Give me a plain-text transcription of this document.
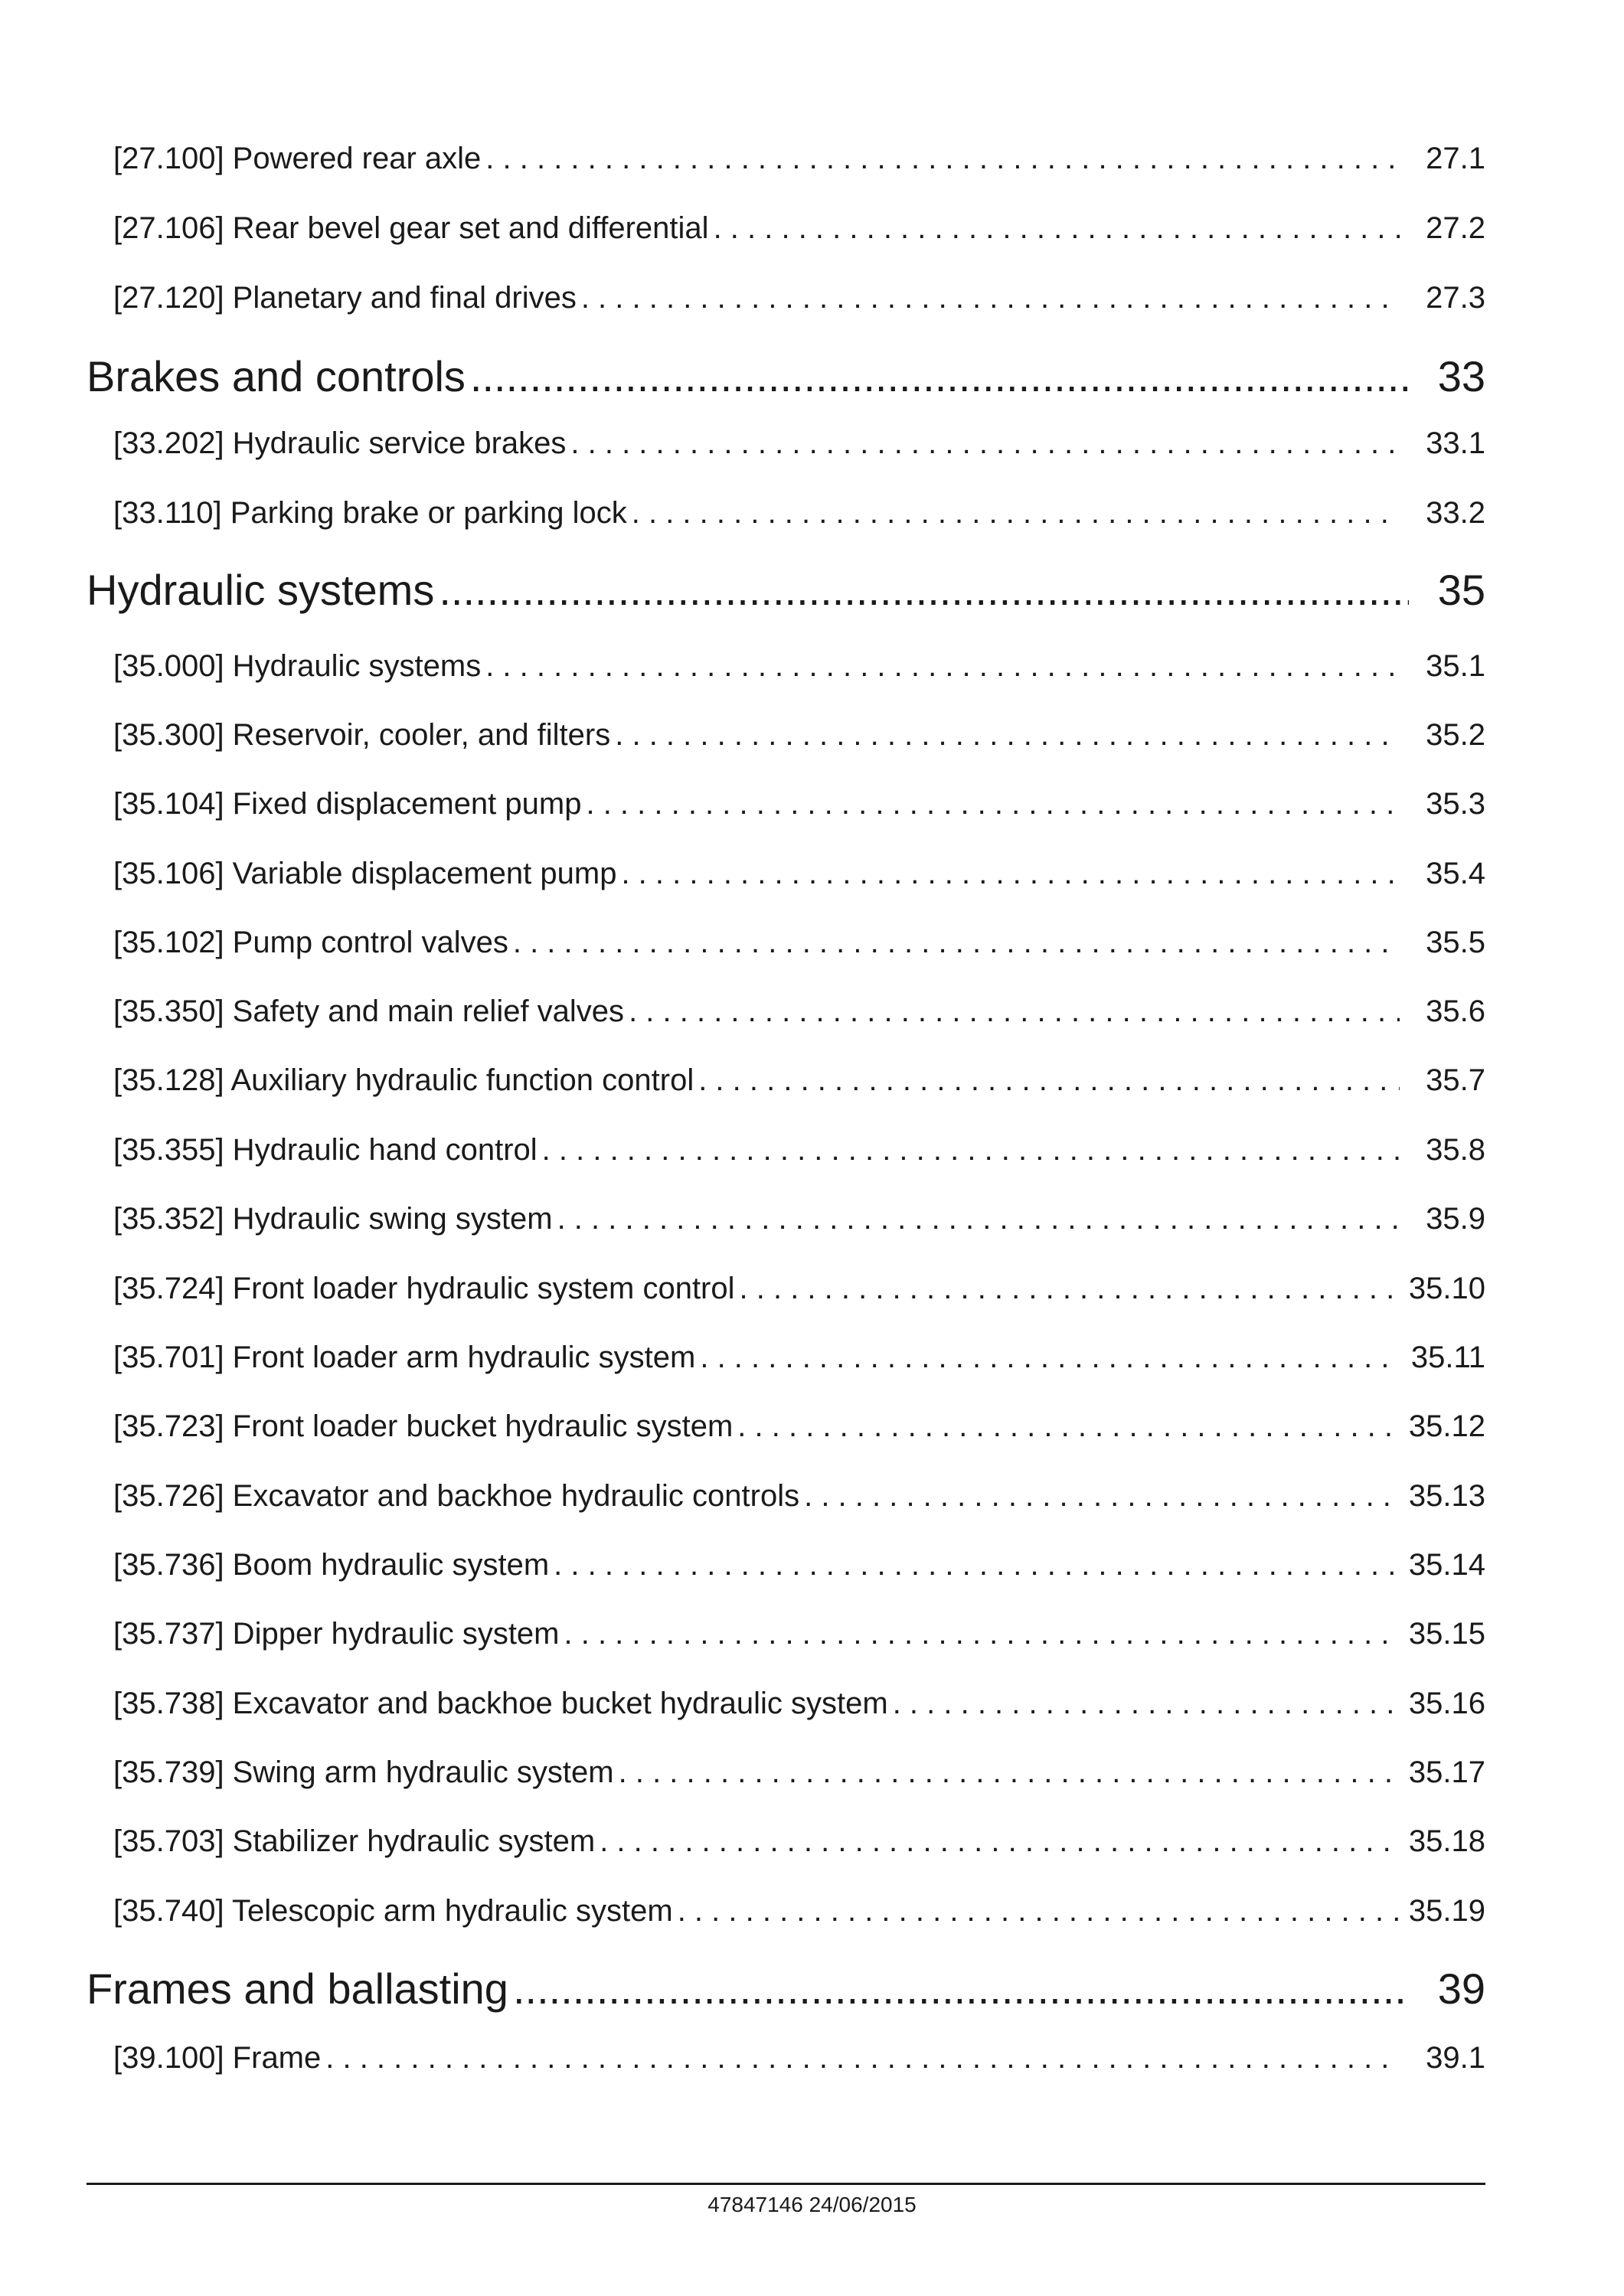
[27.100] Powered rear axle . . .	27.1
[27.106] Rear bevel gear set and differential . . .	27.2
[27.120] Planetary and final drives . . .	27.3
Brakes and controls .....	33
[33.202] Hydraulic service brakes . . .	33.1
[33.110] Parking brake or parking lock . . .	33.2
Hydraulic systems .....	35
[35.000] Hydraulic systems . . .	35.1
[35.300] Reservoir, cooler, and filters . . .	35.2
[35.104] Fixed displacement pump . . .	35.3
[35.106] Variable displacement pump . . .	35.4
[35.102] Pump control valves . . .	35.5
[35.350] Safety and main relief valves . . .	35.6
[35.128] Auxiliary hydraulic function control . . .	35.7
[35.355] Hydraulic hand control . . .	35.8
[35.352] Hydraulic swing system . . .	35.9
[35.724] Front loader hydraulic system control . . .	35.10
[35.701] Front loader arm hydraulic system . . .	35.11
[35.723] Front loader bucket hydraulic system . . .	35.12
[35.726] Excavator and backhoe hydraulic controls . . .	35.13
[35.736] Boom hydraulic system . . .	35.14
[35.737] Dipper hydraulic system . . .	35.15
[35.738] Excavator and backhoe bucket hydraulic system . . .	35.16
[35.739] Swing arm hydraulic system . . .	35.17
[35.703] Stabilizer hydraulic system . . .	35.18
[35.740] Telescopic arm hydraulic system . . .	35.19
Frames and ballasting .....	39
[39.100] Frame . . .	39.1
47847146 24/06/2015
